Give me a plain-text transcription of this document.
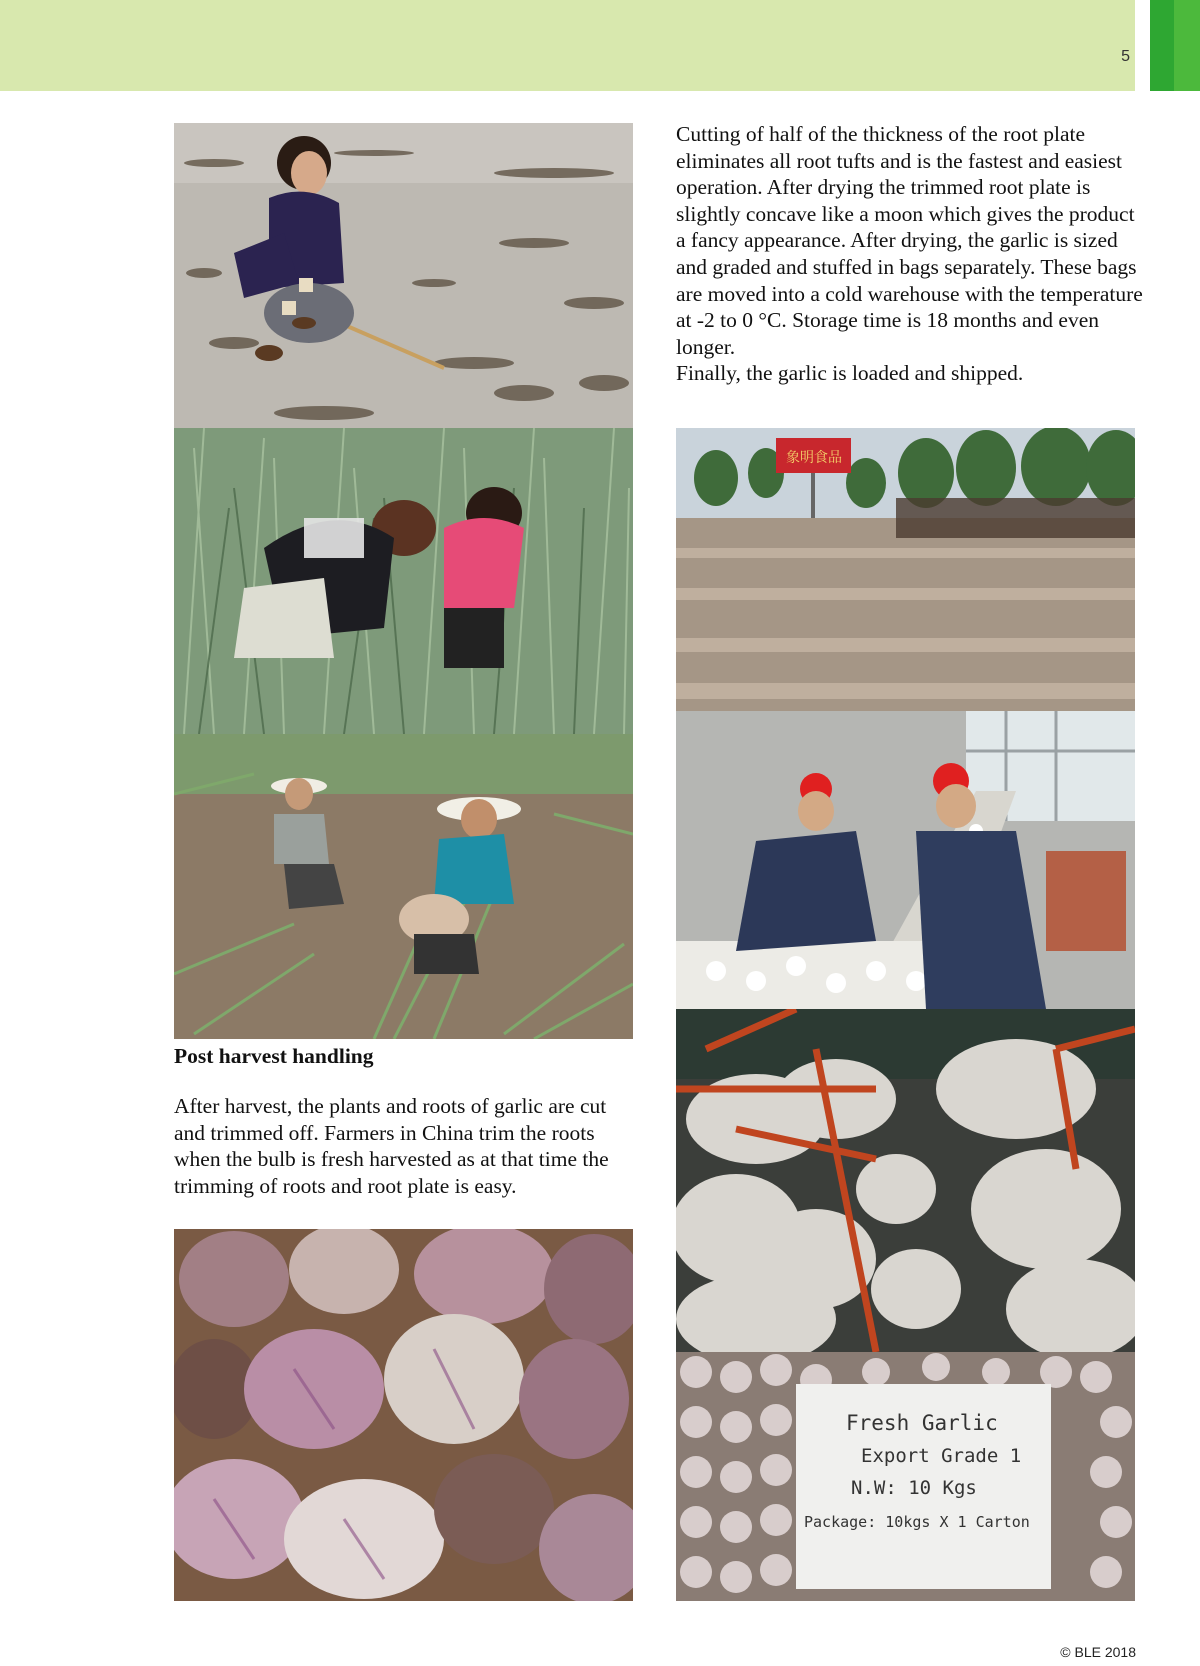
5
Post harvest handling

After harvest, the plants and roots of garlic are cut and trimmed off. Farmers in China trim the roots when the bulb is fresh harvested as at that time the trimming of roots and root plate is easy.

Cutting of half of the thickness of the root plate eliminates all root tufts and is the fastest and easiest operation. After drying the trimmed root plate is slightly concave like a moon which gives the product a fancy appearance. After drying, the garlic is sized and graded and stuffed in bags separately. These bags are moved into a cold warehouse with the temperature at -2 to 0 °C. Storage time is 18 months and even longer.

Finally, the garlic is loaded and shipped.

象明食品
Fresh Garlic
Export Grade 1
N.W: 10 Kgs
Package: 10kgs X 1 Carton
© BLE 2018
